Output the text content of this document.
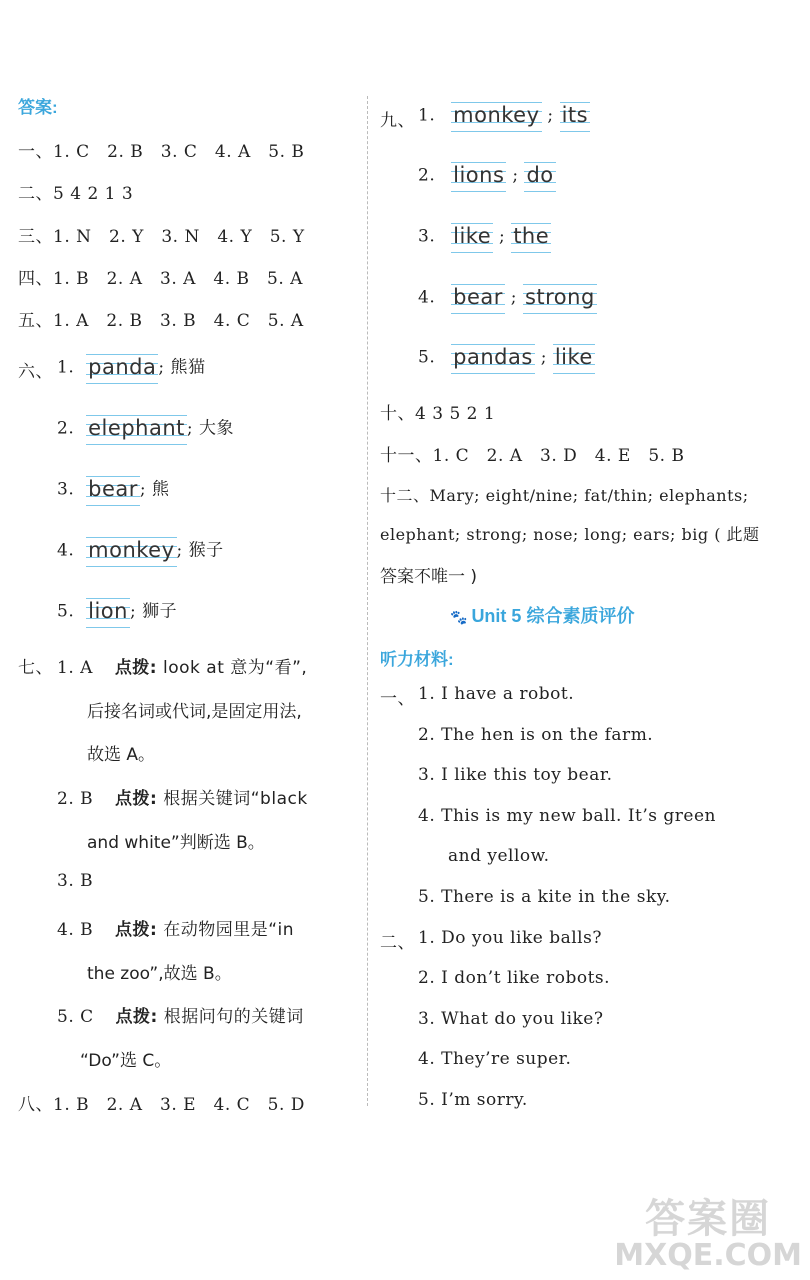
答案:
一、1. C　2. B　3. C　4. A　5. B
二、5 4 2 1 3
三、1. N　2. Y　3. N　4. Y　5. Y
四、1. B　2. A　3. A　4. B　5. A
五、1. A　2. B　3. B　4. C　5. A
六、 1. panda ; 熊猫
2. elephant ; 大象
3. bear ; 熊
4. monkey ; 猴子
5. lion ; 狮子
七、 1. A 点拨: look at 意为“看”,
后接名词或代词,是固定用法,
故选 A。
2. B 点拨: 根据关键词“black
and white”判断选 B。
3. B
4. B 点拨: 在动物园里是“in
the zoo”,故选 B。
5. C 点拨: 根据问句的关键词
“Do”选 C。
八、1. B　2. A　3. E　4. C　5. D
九、 1. monkey ; its
2. lions ; do
3. like ; the
4. bear ; strong
5. pandas ; like
十、4 3 5 2 1
十一、1. C　2. A　3. D　4. E　5. B
十二、Mary; eight/nine; fat/thin; elephants;
elephant; strong; nose; long; ears; big ( 此题
答案不唯一 )
🐾 Unit 5 综合素质评价
听力材料:
一、 1. I have a robot.
2. The hen is on the farm.
3. I like this toy bear.
4. This is my new ball. It’s green
and yellow.
5. There is a kite in the sky.
二、 1. Do you like balls?
2. I don’t like robots.
3. What do you like?
4. They’re super.
5. I’m sorry.
答案圈
MXQE.COM
